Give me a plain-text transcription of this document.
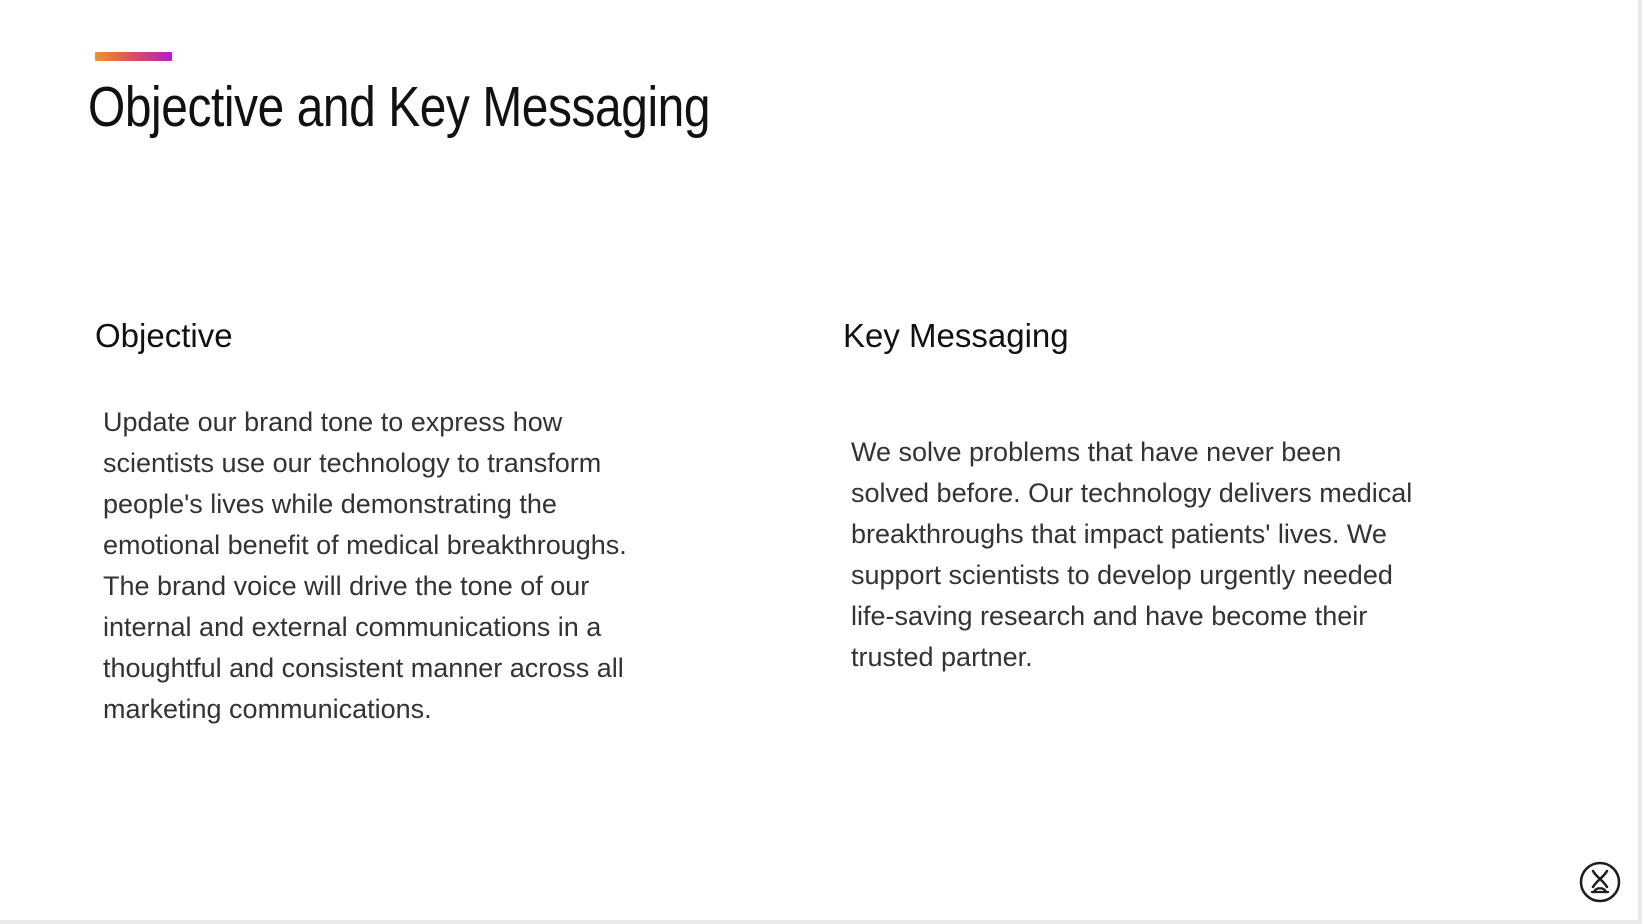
Objective and Key Messaging
Objective

Update our brand tone to express how
scientists use our technology to transform
people's lives while demonstrating the
emotional benefit of medical breakthroughs.
The brand voice will drive the tone of our
internal and external communications in a
thoughtful and consistent manner across all
marketing communications.

Key Messaging

We solve problems that have never been
solved before. Our technology delivers medical
breakthroughs that impact patients' lives. We
support scientists to develop urgently needed
life-saving research and have become their
trusted partner.
